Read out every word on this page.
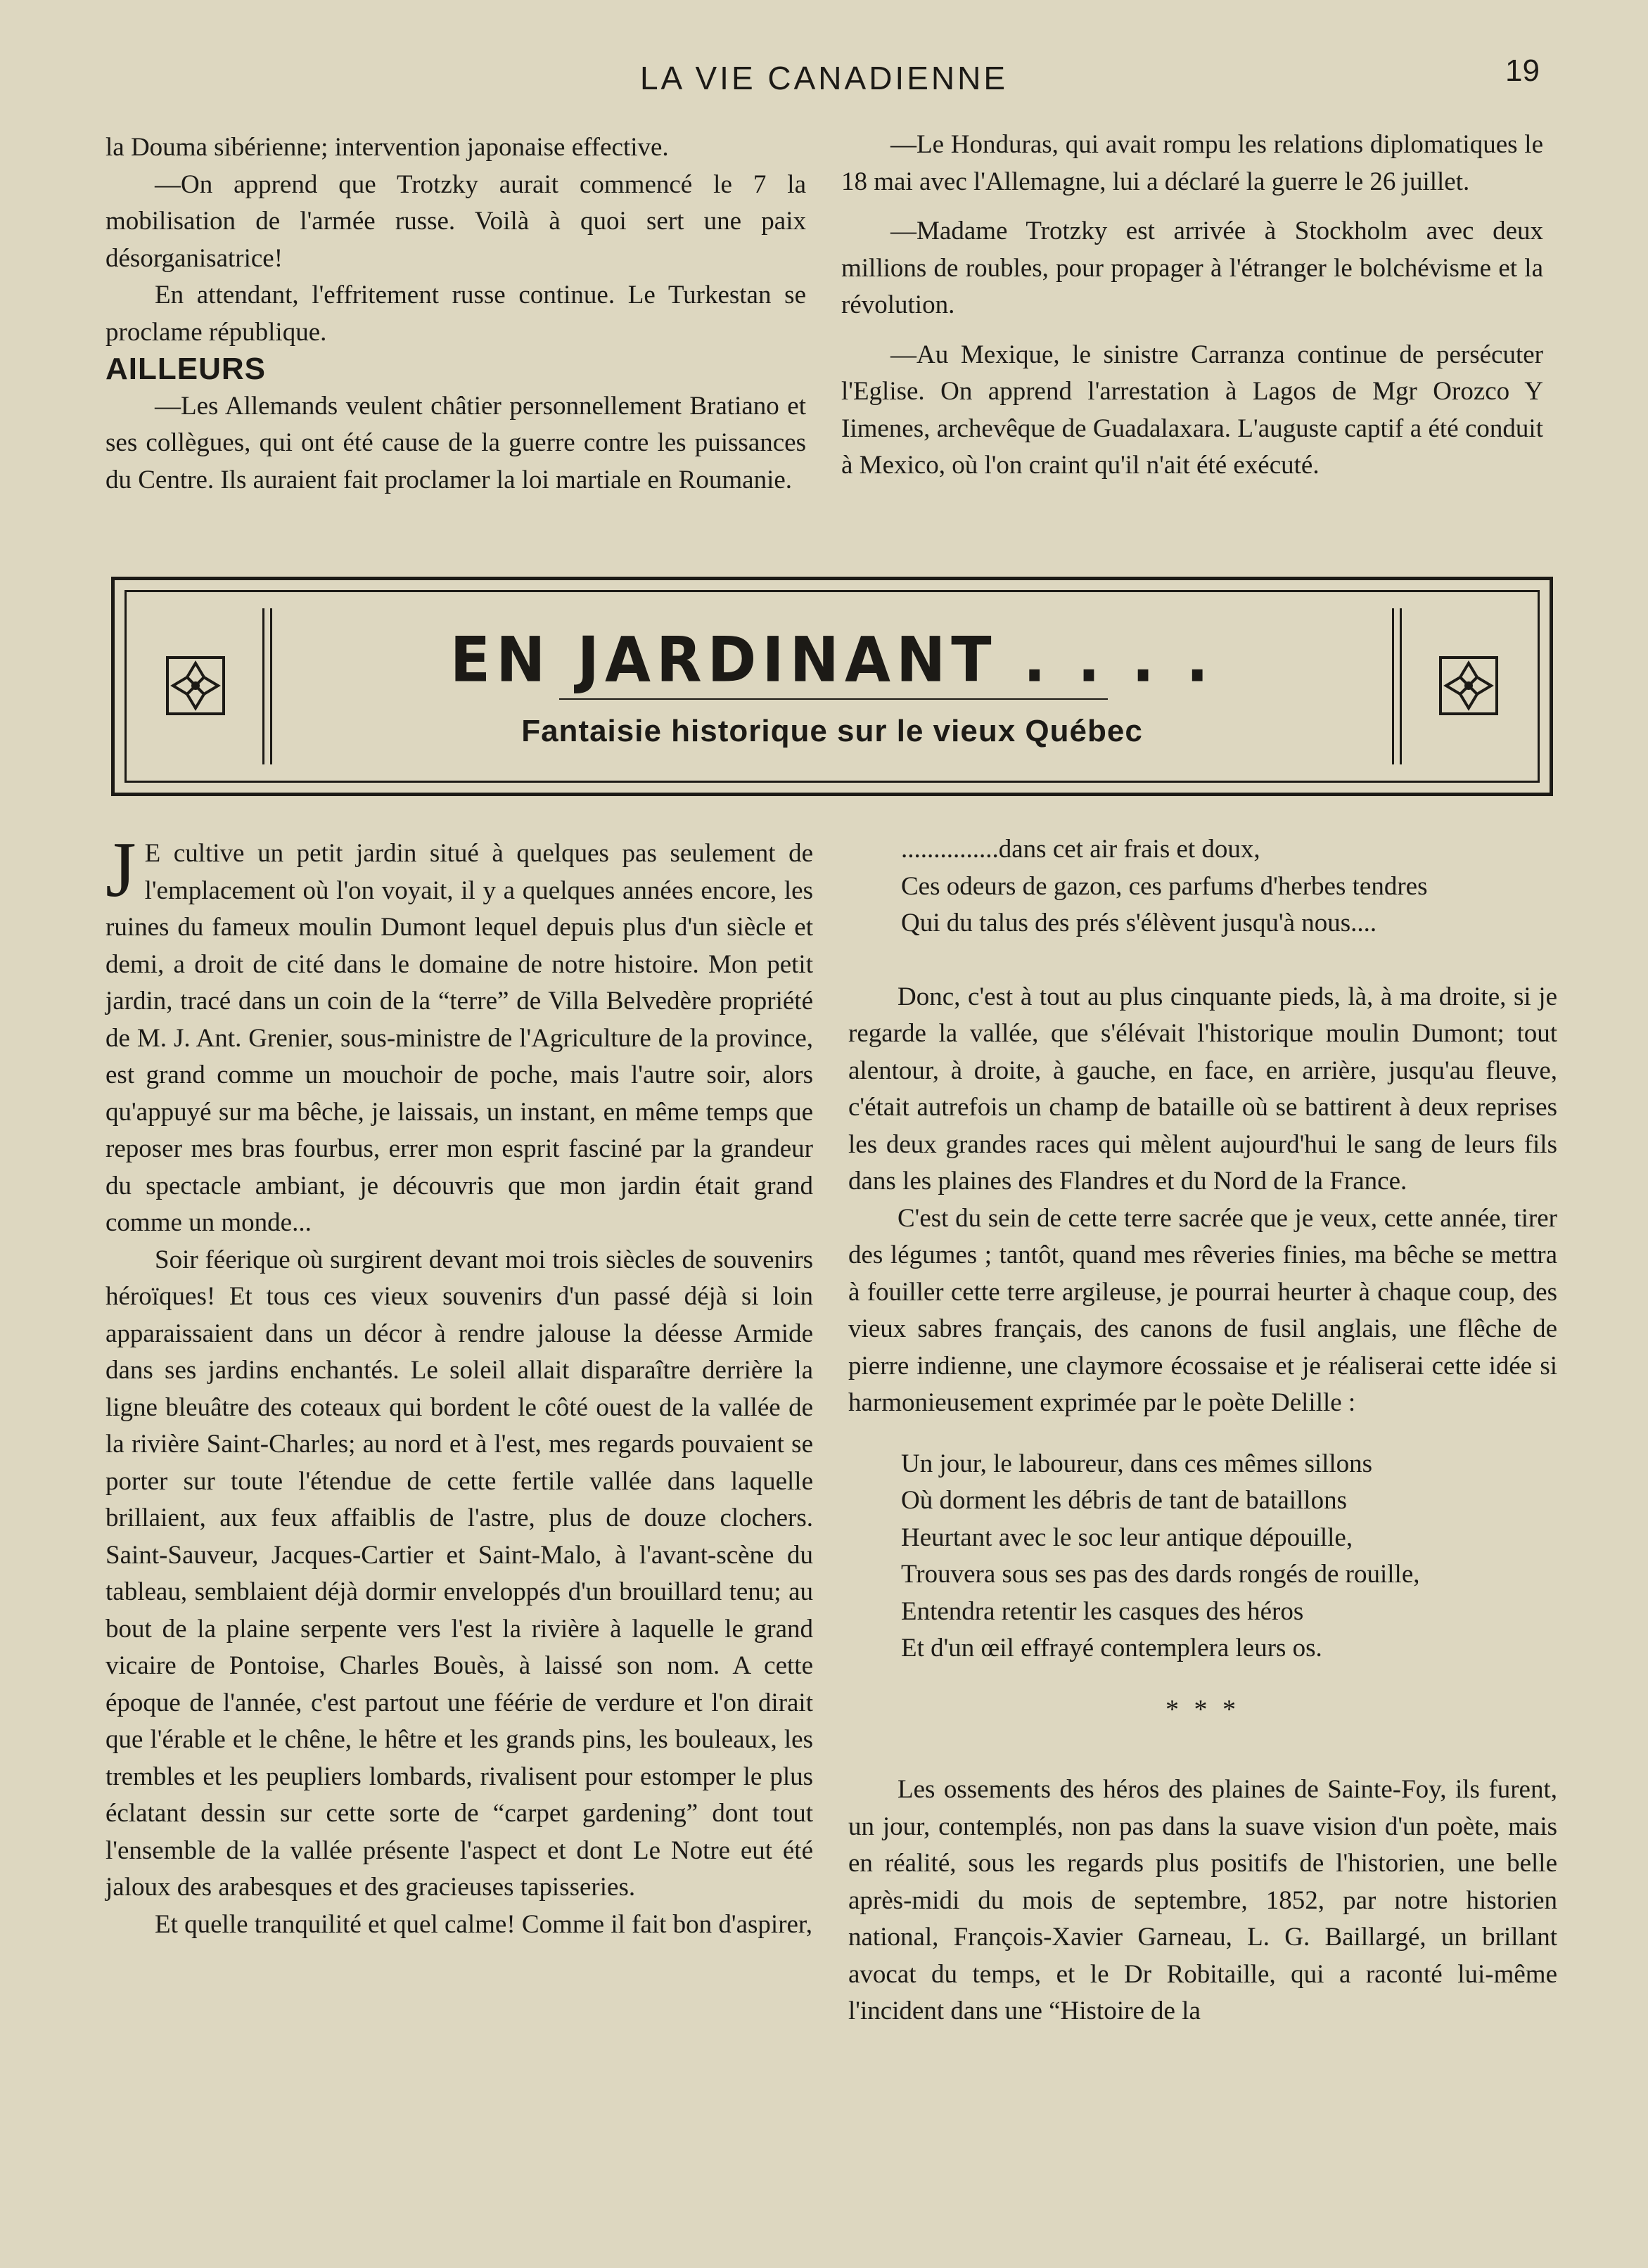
LA VIE CANADIENNE	19

la Douma sibérienne; intervention japonaise effective.

—On apprend que Trotzky aurait commencé le 7 la mobilisation de l'armée russe. Voilà à quoi sert une paix désorganisatrice!

En attendant, l'effritement russe continue. Le Turkestan se proclame république.

AILLEURS

—Les Allemands veulent châtier personnellement Bratiano et ses collègues, qui ont été cause de la guerre contre les puissances du Centre. Ils auraient fait proclamer la loi martiale en Roumanie.

—Le Honduras, qui avait rompu les relations diplomatiques le 18 mai avec l'Allemagne, lui a déclaré la guerre le 26 juillet.

—Madame Trotzky est arrivée à Stockholm avec deux millions de roubles, pour propager à l'étranger le bolchévisme et la révolution.

—Au Mexique, le sinistre Carranza continue de persécuter l'Eglise. On apprend l'arrestation à Lagos de Mgr Orozco Y Iimenes, archevêque de Guadalaxara. L'auguste captif a été conduit à Mexico, où l'on craint qu'il n'ait été exécuté.

EN JARDINANT . . . .
Fantaisie historique sur le vieux Québec

J E cultive un petit jardin situé à quelques pas seulement de l'emplacement où l'on voyait, il y a quelques années encore, les ruines du fameux moulin Dumont lequel depuis plus d'un siècle et demi, a droit de cité dans le domaine de notre histoire. Mon petit jardin, tracé dans un coin de la “terre” de Villa Belvedère propriété de M. J. Ant. Grenier, sous-ministre de l'Agriculture de la province, est grand comme un mouchoir de poche, mais l'autre soir, alors qu'appuyé sur ma bêche, je laissais, un instant, en même temps que reposer mes bras fourbus, errer mon esprit fasciné par la grandeur du spectacle ambiant, je découvris que mon jardin était grand comme un monde...

Soir féerique où surgirent devant moi trois siècles de souvenirs héroïques! Et tous ces vieux souvenirs d'un passé déjà si loin apparaissaient dans un décor à rendre jalouse la déesse Armide dans ses jardins enchantés. Le soleil allait disparaître derrière la ligne bleuâtre des coteaux qui bordent le côté ouest de la vallée de la rivière Saint-Charles; au nord et à l'est, mes regards pouvaient se porter sur toute l'étendue de cette fertile vallée dans laquelle brillaient, aux feux affaiblis de l'astre, plus de douze clochers. Saint-Sauveur, Jacques-Cartier et Saint-Malo, à l'avant-scène du tableau, semblaient déjà dormir enveloppés d'un brouillard tenu; au bout de la plaine serpente vers l'est la rivière à laquelle le grand vicaire de Pontoise, Charles Bouès, à laissé son nom. A cette époque de l'année, c'est partout une féérie de verdure et l'on dirait que l'érable et le chêne, le hêtre et les grands pins, les bouleaux, les trembles et les peupliers lombards, rivalisent pour estomper le plus éclatant dessin sur cette sorte de “carpet gardening” dont tout l'ensemble de la vallée présente l'aspect et dont Le Notre eut été jaloux des arabesques et des gracieuses tapisseries.

Et quelle tranquilité et quel calme! Comme il fait bon d'aspirer,

...............dans cet air frais et doux,
Ces odeurs de gazon, ces parfums d'herbes tendres
Qui du talus des prés s'élèvent jusqu'à nous....

Donc, c'est à tout au plus cinquante pieds, là, à ma droite, si je regarde la vallée, que s'élévait l'historique moulin Dumont; tout alentour, à droite, à gauche, en face, en arrière, jusqu'au fleuve, c'était autrefois un champ de bataille où se battirent à deux reprises les deux grandes races qui mèlent aujourd'hui le sang de leurs fils dans les plaines des Flandres et du Nord de la France.

C'est du sein de cette terre sacrée que je veux, cette année, tirer des légumes ; tantôt, quand mes rêveries finies, ma bêche se mettra à fouiller cette terre argileuse, je pourrai heurter à chaque coup, des vieux sabres français, des canons de fusil anglais, une flêche de pierre indienne, une claymore écossaise et je réaliserai cette idée si harmonieusement exprimée par le poète Delille :

Un jour, le laboureur, dans ces mêmes sillons
Où dorment les débris de tant de bataillons
Heurtant avec le soc leur antique dépouille,
Trouvera sous ses pas des dards rongés de rouille,
Entendra retentir les casques des héros
Et d'un œil effrayé contemplera leurs os.
* * *

Les ossements des héros des plaines de Sainte-Foy, ils furent, un jour, contemplés, non pas dans la suave vision d'un poète, mais en réalité, sous les regards plus positifs de l'historien, une belle après-midi du mois de septembre, 1852, par notre historien national, François-Xavier Garneau, L. G. Baillargé, un brillant avocat du temps, et le Dr Robitaille, qui a raconté lui-même l'incident dans une “Histoire de la
